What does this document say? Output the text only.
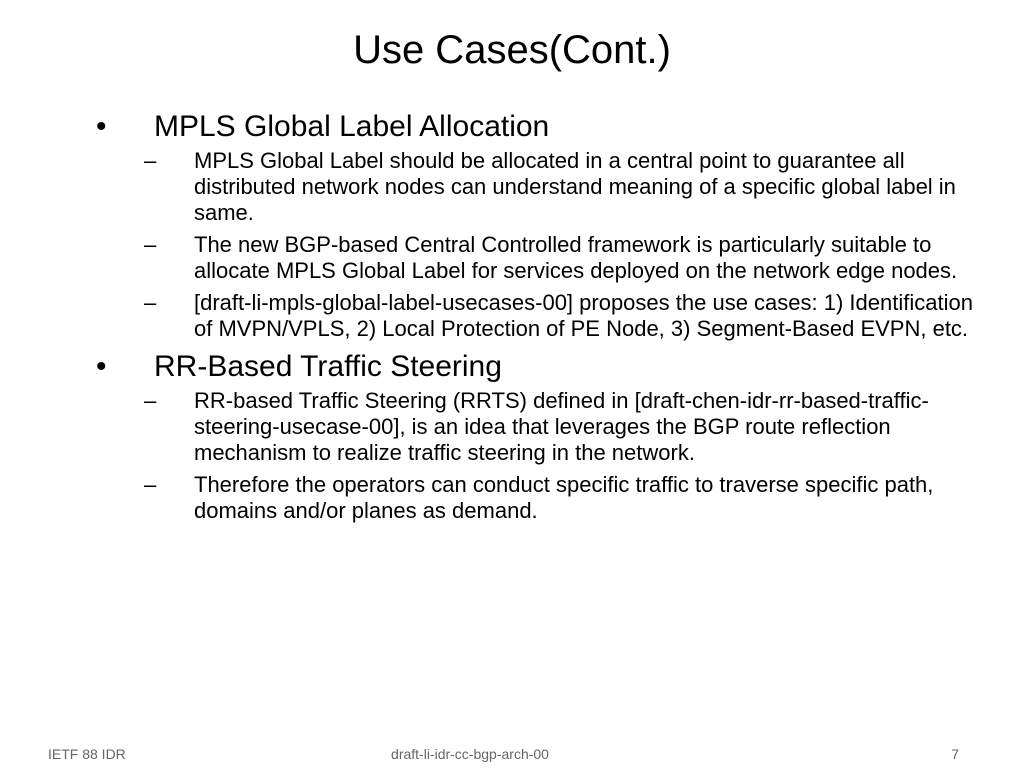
Use Cases(Cont.)
•	MPLS Global Label Allocation
–	MPLS Global Label should be allocated in a central point to guarantee all distributed network nodes can understand meaning of a specific global label in same.
–	The new BGP-based Central Controlled framework is particularly suitable to allocate MPLS Global Label for services deployed on the network edge nodes.
–	[draft-li-mpls-global-label-usecases-00] proposes the use cases: 1) Identification of MVPN/VPLS, 2) Local Protection of PE Node, 3) Segment-Based EVPN, etc.
•	RR-Based Traffic Steering
–	RR-based Traffic Steering (RRTS) defined in [draft-chen-idr-rr-based-traffic-steering-usecase-00], is an idea that leverages the BGP route reflection mechanism to realize traffic steering in the network.
–	Therefore the operators can conduct specific traffic to traverse specific path, domains and/or planes as demand.
IETF 88 IDR	draft-li-idr-cc-bgp-arch-00	7
